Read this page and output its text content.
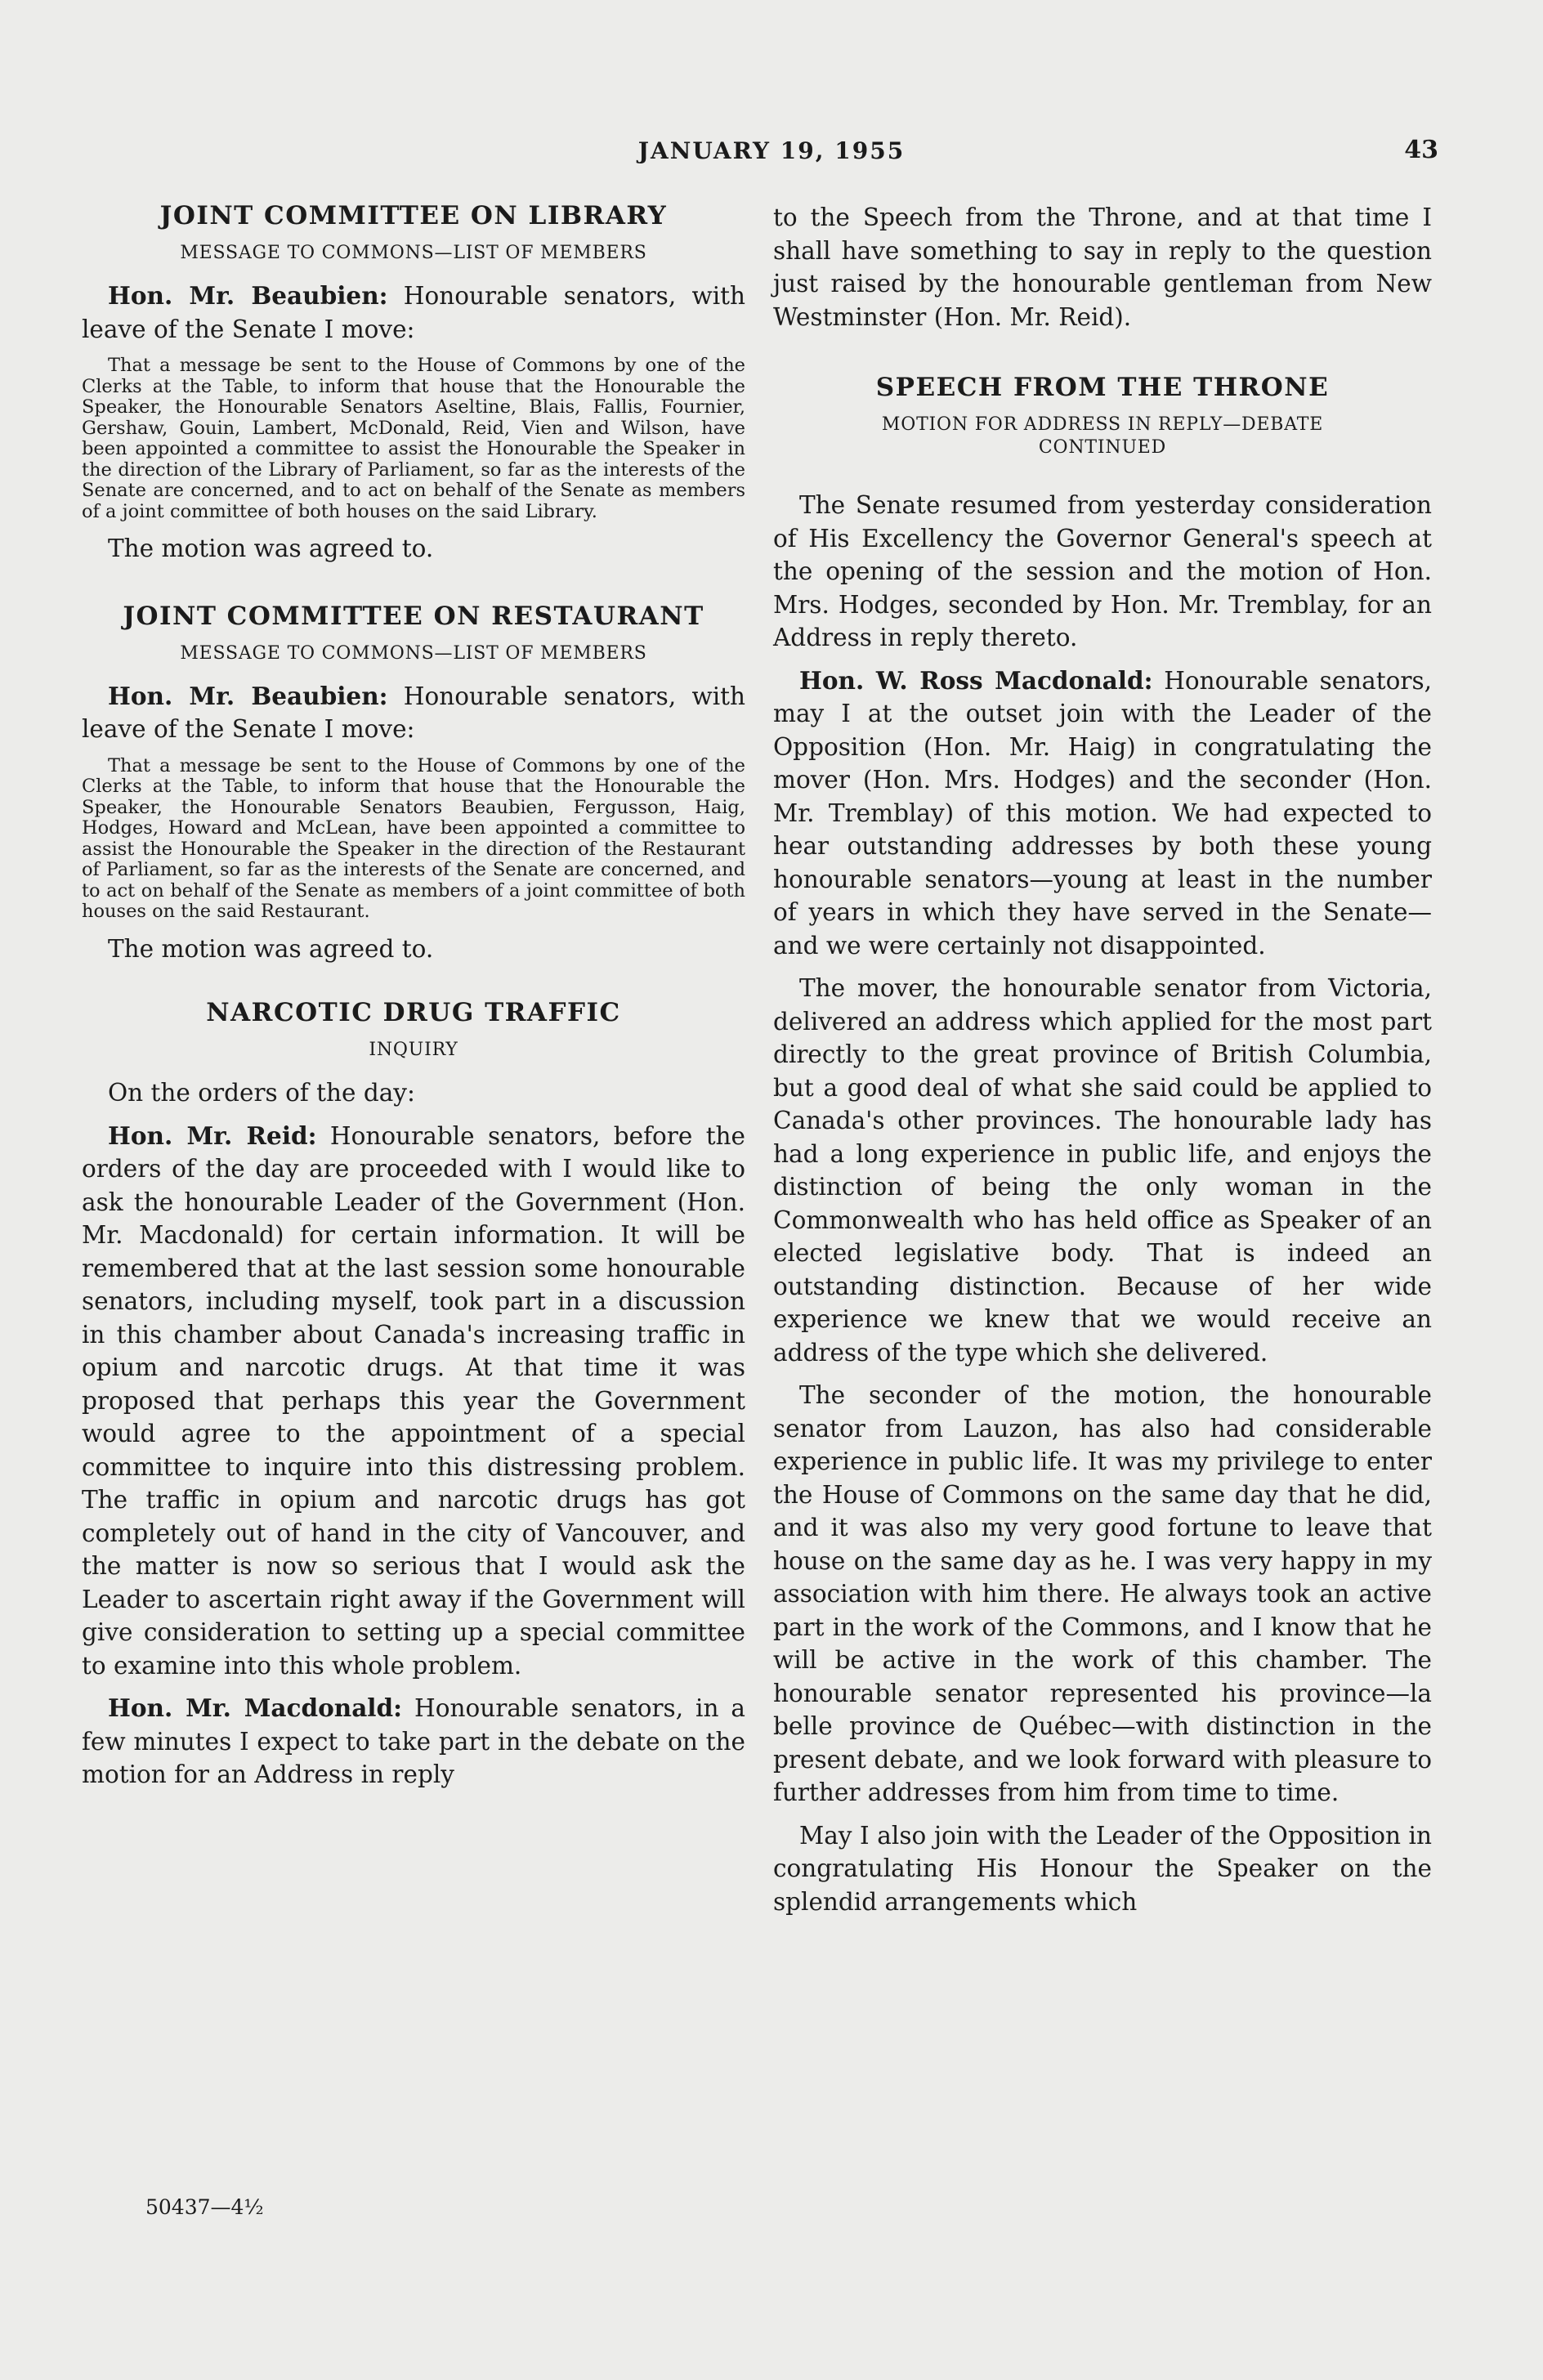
JANUARY 19, 1955	43
JOINT COMMITTEE ON LIBRARY
MESSAGE TO COMMONS—LIST OF MEMBERS

Hon. Mr. Beaubien: Honourable senators, with leave of the Senate I move:

That a message be sent to the House of Commons by one of the Clerks at the Table, to inform that house that the Honourable the Speaker, the Honourable Senators Aseltine, Blais, Fallis, Fournier, Gershaw, Gouin, Lambert, McDonald, Reid, Vien and Wilson, have been appointed a committee to assist the Honourable the Speaker in the direction of the Library of Parliament, so far as the interests of the Senate are concerned, and to act on behalf of the Senate as members of a joint committee of both houses on the said Library.

The motion was agreed to.

JOINT COMMITTEE ON RESTAURANT
MESSAGE TO COMMONS—LIST OF MEMBERS

Hon. Mr. Beaubien: Honourable senators, with leave of the Senate I move:

That a message be sent to the House of Commons by one of the Clerks at the Table, to inform that house that the Honourable the Speaker, the Honourable Senators Beaubien, Fergusson, Haig, Hodges, Howard and McLean, have been appointed a committee to assist the Honourable the Speaker in the direction of the Restaurant of Parliament, so far as the interests of the Senate are concerned, and to act on behalf of the Senate as members of a joint committee of both houses on the said Restaurant.

The motion was agreed to.

NARCOTIC DRUG TRAFFIC
INQUIRY

On the orders of the day:

Hon. Mr. Reid: Honourable senators, before the orders of the day are proceeded with I would like to ask the honourable Leader of the Government (Hon. Mr. Macdonald) for certain information. It will be remembered that at the last session some honourable senators, including myself, took part in a discussion in this chamber about Canada's increasing traffic in opium and narcotic drugs. At that time it was proposed that perhaps this year the Government would agree to the appointment of a special committee to inquire into this distressing problem. The traffic in opium and narcotic drugs has got completely out of hand in the city of Vancouver, and the matter is now so serious that I would ask the Leader to ascertain right away if the Government will give consideration to setting up a special committee to examine into this whole problem.

Hon. Mr. Macdonald: Honourable senators, in a few minutes I expect to take part in the debate on the motion for an Address in reply

to the Speech from the Throne, and at that time I shall have something to say in reply to the question just raised by the honourable gentleman from New Westminster (Hon. Mr. Reid).

SPEECH FROM THE THRONE
MOTION FOR ADDRESS IN REPLY—DEBATE
CONTINUED

The Senate resumed from yesterday consideration of His Excellency the Governor General's speech at the opening of the session and the motion of Hon. Mrs. Hodges, seconded by Hon. Mr. Tremblay, for an Address in reply thereto.

Hon. W. Ross Macdonald: Honourable senators, may I at the outset join with the Leader of the Opposition (Hon. Mr. Haig) in congratulating the mover (Hon. Mrs. Hodges) and the seconder (Hon. Mr. Tremblay) of this motion. We had expected to hear outstanding addresses by both these young honourable senators—young at least in the number of years in which they have served in the Senate—and we were certainly not disappointed.

The mover, the honourable senator from Victoria, delivered an address which applied for the most part directly to the great province of British Columbia, but a good deal of what she said could be applied to Canada's other provinces. The honourable lady has had a long experience in public life, and enjoys the distinction of being the only woman in the Commonwealth who has held office as Speaker of an elected legislative body. That is indeed an outstanding distinction. Because of her wide experience we knew that we would receive an address of the type which she delivered.

The seconder of the motion, the honourable senator from Lauzon, has also had considerable experience in public life. It was my privilege to enter the House of Commons on the same day that he did, and it was also my very good fortune to leave that house on the same day as he. I was very happy in my association with him there. He always took an active part in the work of the Commons, and I know that he will be active in the work of this chamber. The honourable senator represented his province—la belle province de Québec—with distinction in the present debate, and we look forward with pleasure to further addresses from him from time to time.

May I also join with the Leader of the Opposition in congratulating His Honour the Speaker on the splendid arrangements which

50437—4½
